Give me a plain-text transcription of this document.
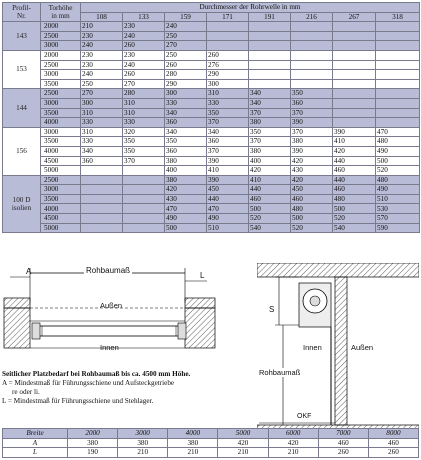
Profil-
Nr.	Torhöhe
in mm	Durchmesser der Rohrwelle in mm							
		108	133	159	171	191	216	267	318
143	2000	210	230	240					
	2500	230	240	250					
	3000	240	260	270					
153	2000	230	230	250	260				
	2500	230	240	260	276				
	3000	240	260	280	290				
	3500	250	270	290	300				
144	2500	270	280	300	310	340	350		
	3000	300	310	330	330	340	360		
	3500	310	310	340	350	370	370		
	4000	330	330	360	370	380	390		
156	3000	310	320	340	340	350	370	390	470
	3500	330	350	350	360	370	380	410	480
	4000	340	350	360	370	380	390	420	490
	4500	360	370	380	390	400	420	440	500
	5000			400	410	420	430	460	520
100 D
isolien	2500			380	390	410	420	440	480
	3000			420	450	440	450	460	490
	3500			430	440	460	460	480	510
	4000			470	470	500	480	500	530
	4500			490	490	520	500	520	570
	5000			500	510	540	520	540	590
A	Rohbaumaß
L
Außen
Innen
S
Außen
Innen
Rohbaumaß
OKF
Seitlicher Platzbedarf bei Rohbaumaß bis ca. 4500 mm Höhe.
A = Mindestmaß für Führungsschiene und Aufsteckgetriebe
re oder li.
L = Mindestmaß für Führungsschiene und Stehlager.
Breite	2000	3000	4000	5000	6000	7000	8000
A	380	380	380	420	420	460	460
L	190	210	210	210	210	260	260
